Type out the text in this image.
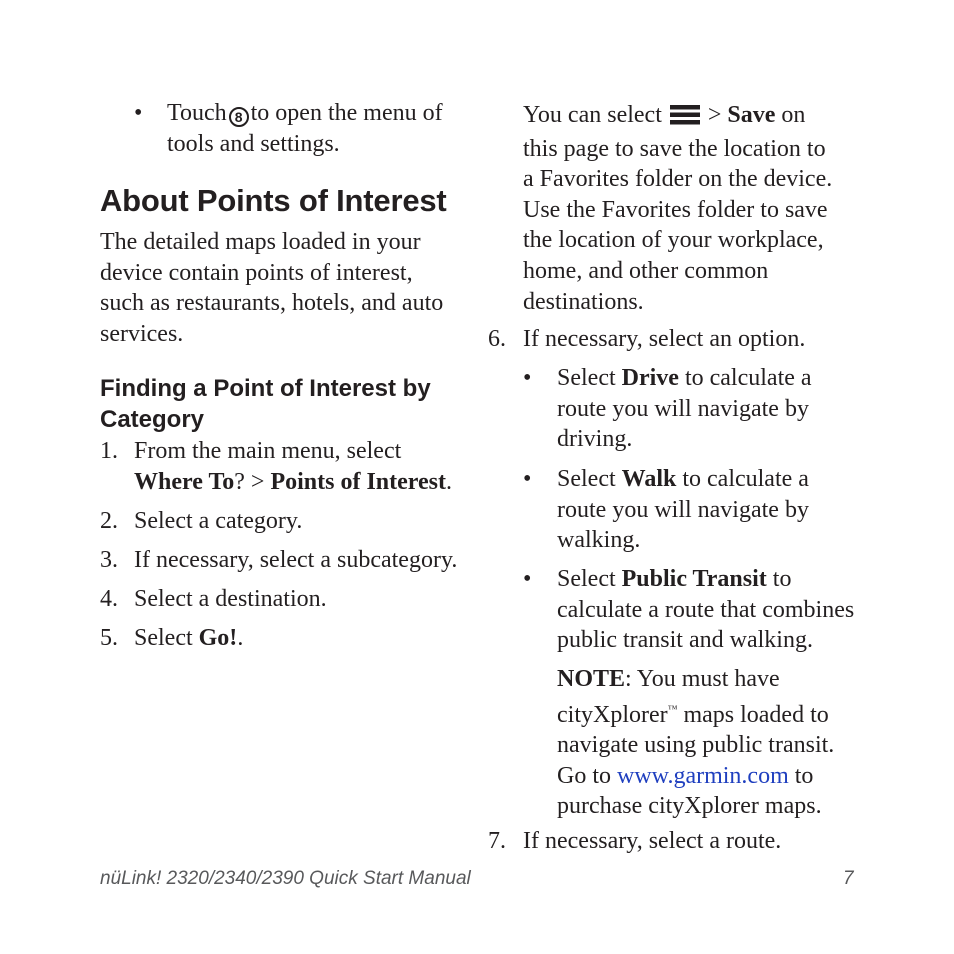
• Touch 8 to open the menu of
tools and settings.
About Points of Interest
The detailed maps loaded in your
device contain points of interest,
such as restaurants, hotels, and auto
services.
Finding a Point of Interest by
Category
1. From the main menu, select
Where To? > Points of Interest.
2. Select a category.
3. If necessary, select a subcategory.
4. Select a destination.
5. Select Go!.
You can select  > Save on
this page to save the location to
a Favorites folder on the device.
Use the Favorites folder to save
the location of your workplace,
home, and other common
destinations.
6. If necessary, select an option.
• Select Drive to calculate a
route you will navigate by
driving.
• Select Walk to calculate a
route you will navigate by
walking.
• Select Public Transit to
calculate a route that combines
public transit and walking.
NOTE: You must have
cityXplorer™ maps loaded to
navigate using public transit.
Go to www.garmin.com to
purchase cityXplorer maps.
7. If necessary, select a route.
nüLink! 2320/2340/2390 Quick Start Manual	7
